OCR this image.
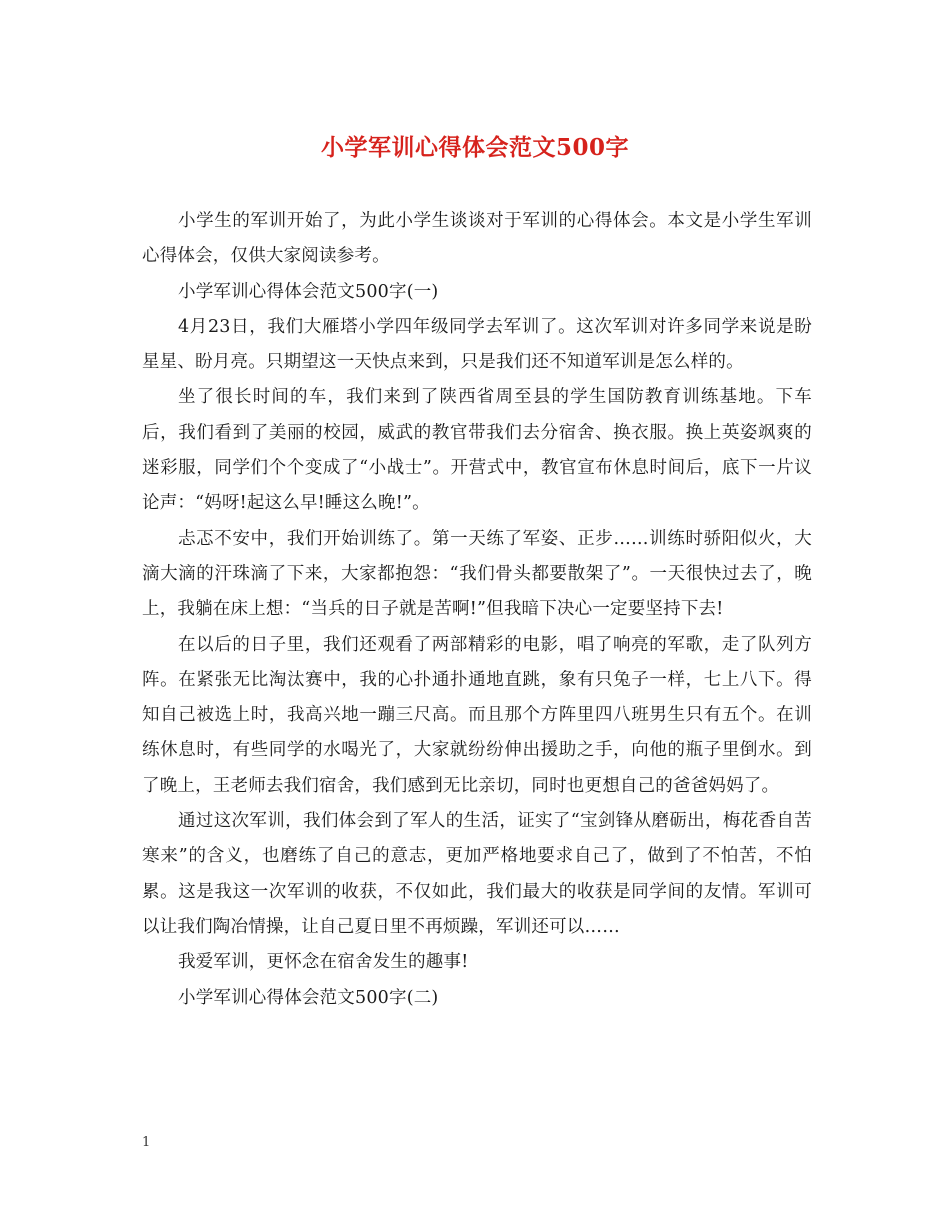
小学军训心得体会范文500字

小学生的军训开始了，为此小学生谈谈对于军训的心得体会。本文是小学生军训心得体会，仅供大家阅读参考。

小学军训心得体会范文500字(一)

4月23日，我们大雁塔小学四年级同学去军训了。这次军训对许多同学来说是盼星星、盼月亮。只期望这一天快点来到，只是我们还不知道军训是怎么样的。

坐了很长时间的车，我们来到了陕西省周至县的学生国防教育训练基地。下车后，我们看到了美丽的校园，威武的教官带我们去分宿舍、换衣服。换上英姿飒爽的迷彩服，同学们个个变成了“小战士”。开营式中，教官宣布休息时间后，底下一片议论声：“妈呀!起这么早!睡这么晚!”。

忐忑不安中，我们开始训练了。第一天练了军姿、正步……训练时骄阳似火，大滴大滴的汗珠滴了下来，大家都抱怨：“我们骨头都要散架了”。一天很快过去了，晚上，我躺在床上想：“当兵的日子就是苦啊!”但我暗下决心一定要坚持下去!

在以后的日子里，我们还观看了两部精彩的电影，唱了响亮的军歌，走了队列方阵。在紧张无比淘汰赛中，我的心扑通扑通地直跳，象有只兔子一样，七上八下。得知自己被选上时，我高兴地一蹦三尺高。而且那个方阵里四八班男生只有五个。在训练休息时，有些同学的水喝光了，大家就纷纷伸出援助之手，向他的瓶子里倒水。到了晚上，王老师去我们宿舍，我们感到无比亲切，同时也更想自己的爸爸妈妈了。

通过这次军训，我们体会到了军人的生活，证实了“宝剑锋从磨砺出，梅花香自苦寒来”的含义，也磨练了自己的意志，更加严格地要求自己了，做到了不怕苦，不怕累。这是我这一次军训的收获，不仅如此，我们最大的收获是同学间的友情。军训可以让我们陶冶情操，让自己夏日里不再烦躁，军训还可以……

我爱军训，更怀念在宿舍发生的趣事!

小学军训心得体会范文500字(二)

1
